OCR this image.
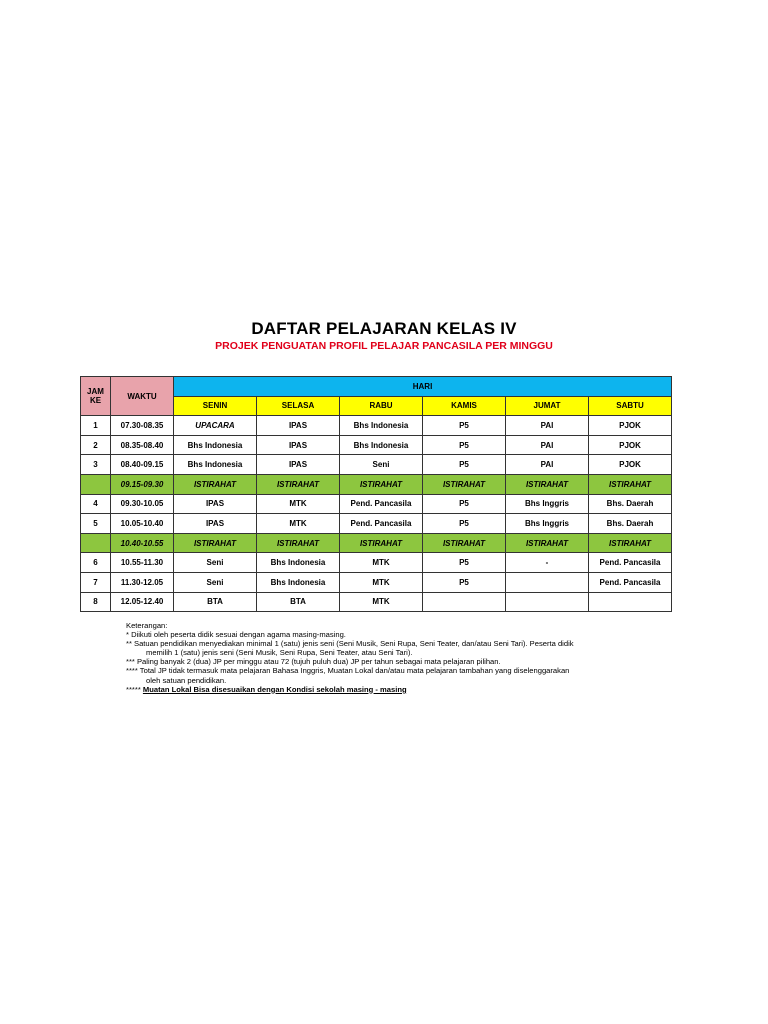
DAFTAR PELAJARAN KELAS IV
PROJEK PENGUATAN PROFIL PELAJAR PANCASILA PER MINGGU
JAM KE	WAKTU	HARI					
		SENIN	SELASA	RABU	KAMIS	JUMAT	SABTU
1	07.30-08.35	UPACARA	IPAS	Bhs Indonesia	P5	PAI	PJOK
2	08.35-08.40	Bhs Indonesia	IPAS	Bhs Indonesia	P5	PAI	PJOK
3	08.40-09.15	Bhs Indonesia	IPAS	Seni	P5	PAI	PJOK
	09.15-09.30	ISTIRAHAT	ISTIRAHAT	ISTIRAHAT	ISTIRAHAT	ISTIRAHAT	ISTIRAHAT
4	09.30-10.05	IPAS	MTK	Pend. Pancasila	P5	Bhs Inggris	Bhs. Daerah
5	10.05-10.40	IPAS	MTK	Pend. Pancasila	P5	Bhs Inggris	Bhs. Daerah
	10.40-10.55	ISTIRAHAT	ISTIRAHAT	ISTIRAHAT	ISTIRAHAT	ISTIRAHAT	ISTIRAHAT
6	10.55-11.30	Seni	Bhs Indonesia	MTK	P5	-	Pend. Pancasila
7	11.30-12.05	Seni	Bhs Indonesia	MTK	P5		Pend. Pancasila
8	12.05-12.40	BTA	BTA	MTK			
Keterangan:
* Diikuti oleh peserta didik sesuai dengan agama masing-masing.
** Satuan pendidikan menyediakan minimal 1 (satu) jenis seni (Seni Musik, Seni Rupa, Seni Teater, dan/atau Seni Tari). Peserta didik
memilih 1 (satu) jenis seni (Seni Musik, Seni Rupa, Seni Teater, atau Seni Tari).
*** Paling banyak 2 (dua) JP per minggu atau 72 (tujuh puluh dua) JP per tahun sebagai mata pelajaran pilihan.
**** Total JP tidak termasuk mata pelajaran Bahasa Inggris, Muatan Lokal dan/atau mata pelajaran tambahan yang diselenggarakan
oleh satuan pendidikan.
***** Muatan Lokal Bisa disesuaikan dengan Kondisi sekolah masing - masing
